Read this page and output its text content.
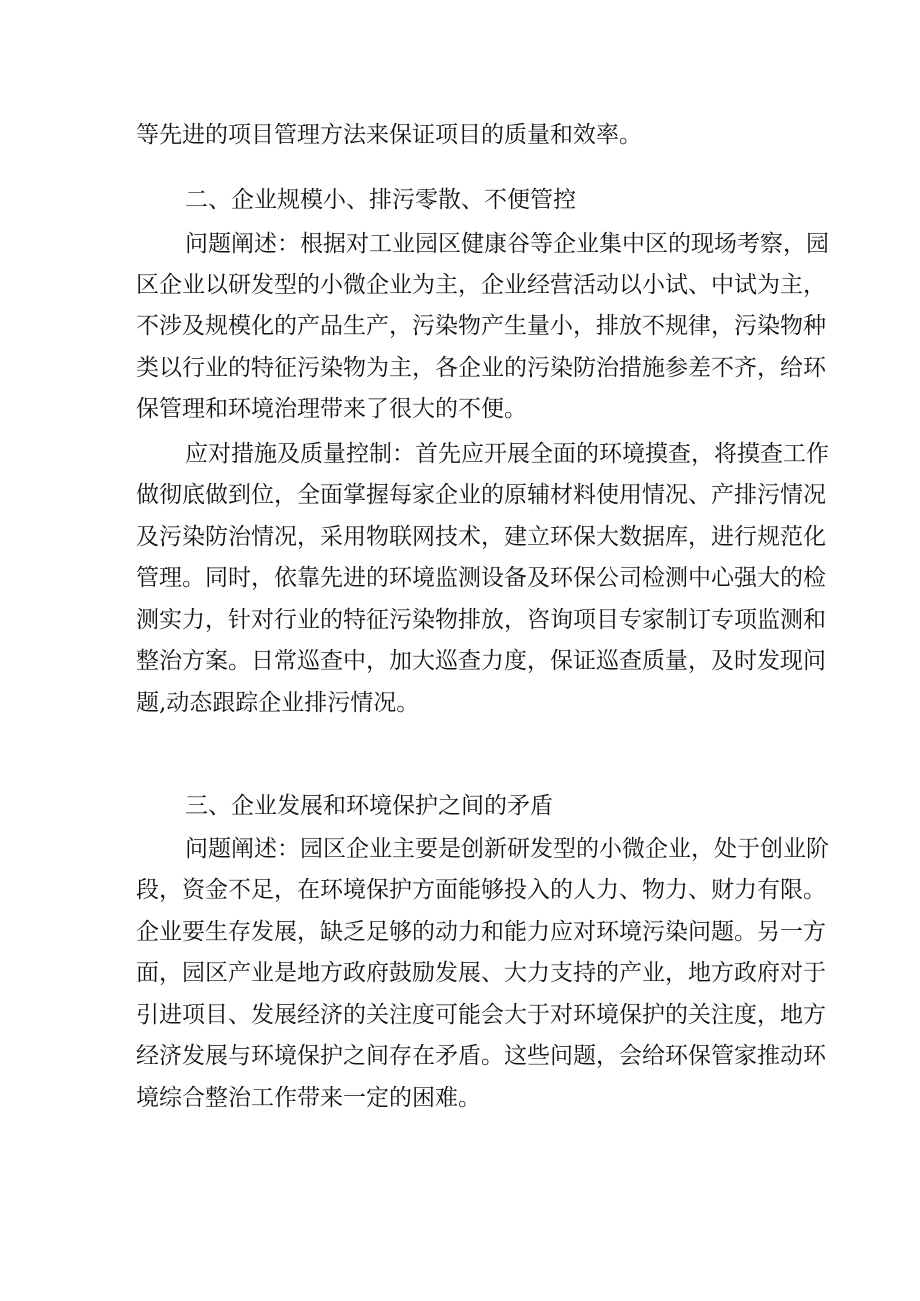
等先进的项目管理方法来保证项目的质量和效率。

二、企业规模小、排污零散、不便管控

问题阐述：根据对工业园区健康谷等企业集中区的现场考察，园

区企业以研发型的小微企业为主，企业经营活动以小试、中试为主，

不涉及规模化的产品生产，污染物产生量小，排放不规律，污染物种

类以行业的特征污染物为主，各企业的污染防治措施参差不齐，给环

保管理和环境治理带来了很大的不便。

应对措施及质量控制：首先应开展全面的环境摸查，将摸查工作

做彻底做到位，全面掌握每家企业的原辅材料使用情况、产排污情况

及污染防治情况，采用物联网技术，建立环保大数据库，进行规范化

管理。同时，依靠先进的环境监测设备及环保公司检测中心强大的检

测实力，针对行业的特征污染物排放，咨询项目专家制订专项监测和

整治方案。日常巡查中，加大巡查力度，保证巡查质量，及时发现问

题,动态跟踪企业排污情况。

三、企业发展和环境保护之间的矛盾

问题阐述：园区企业主要是创新研发型的小微企业，处于创业阶

段，资金不足，在环境保护方面能够投入的人力、物力、财力有限。

企业要生存发展，缺乏足够的动力和能力应对环境污染问题。另一方

面，园区产业是地方政府鼓励发展、大力支持的产业，地方政府对于

引进项目、发展经济的关注度可能会大于对环境保护的关注度，地方

经济发展与环境保护之间存在矛盾。这些问题，会给环保管家推动环

境综合整治工作带来一定的困难。
